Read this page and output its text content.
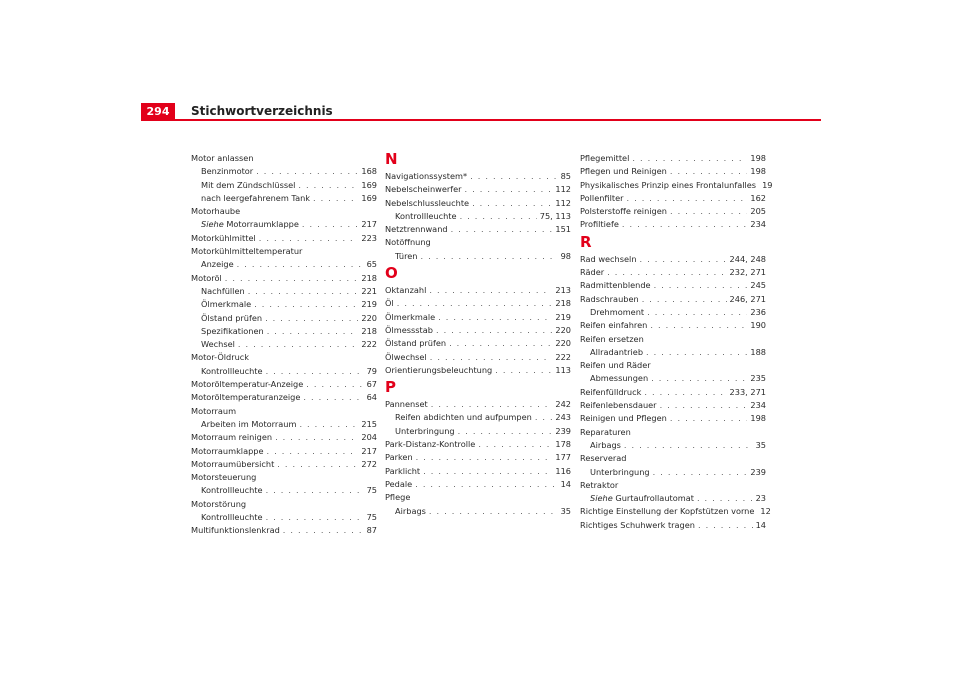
294	Stichwortverzeichnis
Motor anlassen
Benzinmotor . . .	168
Mit dem Zündschlüssel . . .	169
nach leergefahrenem Tank . . .	169
Motorhaube
Siehe Motorraumklappe . . .	217
Motorkühlmittel . . .	223
Motorkühlmitteltemperatur
Anzeige . . .	65
Motoröl . . .	218
Nachfüllen . . .	221
Ölmerkmale . . .	219
Ölstand prüfen . . .	220
Spezifikationen . . .	218
Wechsel . . .	222
Motor-Öldruck
Kontrollleuchte . . .	79
Motoröltemperatur-Anzeige . . .	67
Motoröltemperaturanzeige . . .	64
Motorraum
Arbeiten im Motorraum . . .	215
Motorraum reinigen . . .	204
Motorraumklappe . . .	217
Motorraumübersicht . . .	272
Motorsteuerung
Kontrollleuchte . . .	75
Motorstörung
Kontrollleuchte . . .	75
Multifunktionslenkrad . . .	87
N
Navigationssystem* . . .	85
Nebelscheinwerfer . . .	112
Nebelschlussleuchte . . .	112
Kontrollleuchte . . .	75, 113
Netztrennwand . . .	151
Notöffnung
Türen . . .	98
O
Oktanzahl . . .	213
Öl . . .	218
Ölmerkmale . . .	219
Ölmessstab . . .	220
Ölstand prüfen . . .	220
Ölwechsel . . .	222
Orientierungsbeleuchtung . . .	113
P
Pannenset . . .	242
Reifen abdichten und aufpumpen . . .	243
Unterbringung . . .	239
Park-Distanz-Kontrolle . . .	178
Parken . . .	177
Parklicht . . .	116
Pedale . . .	14
Pflege
Airbags . . .	35
Pflegemittel . . .	198
Pflegen und Reinigen . . .	198
Physikalisches Prinzip eines Frontalunfalles 19
Pollenfilter . . .	162
Polsterstoffe reinigen . . .	205
Profiltiefe . . .	234
R
Rad wechseln . . .	244, 248
Räder . . .	232, 271
Radmittenblende . . .	245
Radschrauben . . .	246, 271
Drehmoment . . .	236
Reifen einfahren . . .	190
Reifen ersetzen
Allradantrieb . . .	188
Reifen und Räder
Abmessungen . . .	235
Reifenfülldruck . . .	233, 271
Reifenlebensdauer . . .	234
Reinigen und Pflegen . . .	198
Reparaturen
Airbags . . .	35
Reserverad
Unterbringung . . .	239
Retraktor
Siehe Gurtaufrollautomat . . .	23
Richtige Einstellung der Kopfstützen vorne 12
Richtiges Schuhwerk tragen . . .	14
